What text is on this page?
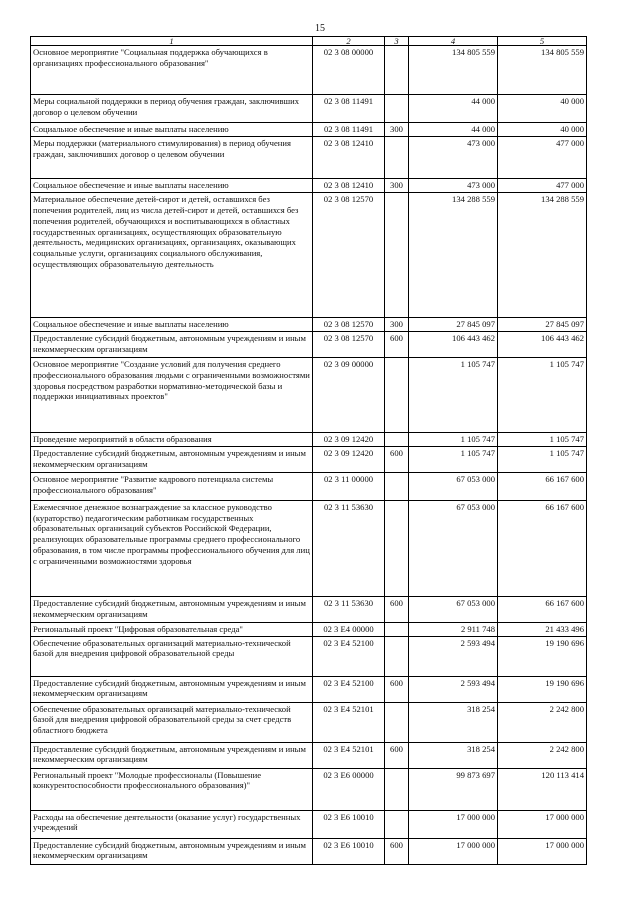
15
1	2	3	4	5
Основное мероприятие "Социальная поддержка обучающихся в организациях профессионального образования"	02 3 08 00000		134 805 559	134 805 559
Меры социальной поддержки в период обучения граждан, заключивших договор о целевом обучении	02 3 08 11491		44 000	40 000
Социальное обеспечение и иные выплаты населению	02 3 08 11491	300	44 000	40 000
Меры поддержки (материального стимулирования) в период обучения граждан, заключивших договор о целевом обучении	02 3 08 12410		473 000	477 000
Социальное обеспечение и иные выплаты населению	02 3 08 12410	300	473 000	477 000
Материальное обеспечение детей-сирот и детей, оставшихся без попечения родителей, лиц из числа детей-сирот и детей, оставшихся без попечения родителей, обучающихся и воспитывающихся в областных государственных организациях, осуществляющих образовательную деятельность, медицинских организациях, организациях, оказывающих социальные услуги, организациях социального обслуживания, осуществляющих образовательную деятельность	02 3 08 12570		134 288 559	134 288 559
Социальное обеспечение и иные выплаты населению	02 3 08 12570	300	27 845 097	27 845 097
Предоставление субсидий бюджетным, автономным учреждениям и иным некоммерческим организациям	02 3 08 12570	600	106 443 462	106 443 462
Основное мероприятие "Создание условий для получения среднего профессионального образования людьми с ограниченными возможностями здоровья посредством разработки нормативно-методической базы и поддержки инициативных проектов"	02 3 09 00000		1 105 747	1 105 747
Проведение мероприятий в области образования	02 3 09 12420		1 105 747	1 105 747
Предоставление субсидий бюджетным, автономным учреждениям и иным некоммерческим организациям	02 3 09 12420	600	1 105 747	1 105 747
Основное мероприятие "Развитие кадрового потенциала системы профессионального образования"	02 3 11 00000		67 053 000	66 167 600
Ежемесячное денежное вознаграждение за классное руководство (кураторство) педагогическим работникам государственных образовательных организаций субъектов Российской Федерации, реализующих образовательные программы среднего профессионального образования, в том числе программы профессионального обучения для лиц с ограниченными возможностями здоровья	02 3 11 53630		67 053 000	66 167 600
Предоставление субсидий бюджетным, автономным учреждениям и иным некоммерческим организациям	02 3 11 53630	600	67 053 000	66 167 600
Региональный проект "Цифровая образовательная среда"	02 3 Е4 00000		2 911 748	21 433 496
Обеспечение образовательных организаций материально-технической базой для внедрения цифровой образовательной среды	02 3 Е4 52100		2 593 494	19 190 696
Предоставление субсидий бюджетным, автономным учреждениям и иным некоммерческим организациям	02 3 Е4 52100	600	2 593 494	19 190 696
Обеспечение образовательных организаций материально-технической базой для внедрения цифровой образовательной среды за счет средств областного бюджета	02 3 Е4 52101		318 254	2 242 800
Предоставление субсидий бюджетным, автономным учреждениям и иным некоммерческим организациям	02 3 Е4 52101	600	318 254	2 242 800
Региональный проект "Молодые профессионалы (Повышение конкурентоспособности профессионального образования)"	02 3 Е6 00000		99 873 697	120 113 414
Расходы на обеспечение деятельности (оказание услуг) государственных учреждений	02 3 Е6 10010		17 000 000	17 000 000
Предоставление субсидий бюджетным, автономным учреждениям и иным некоммерческим организациям	02 3 Е6 10010	600	17 000 000	17 000 000
